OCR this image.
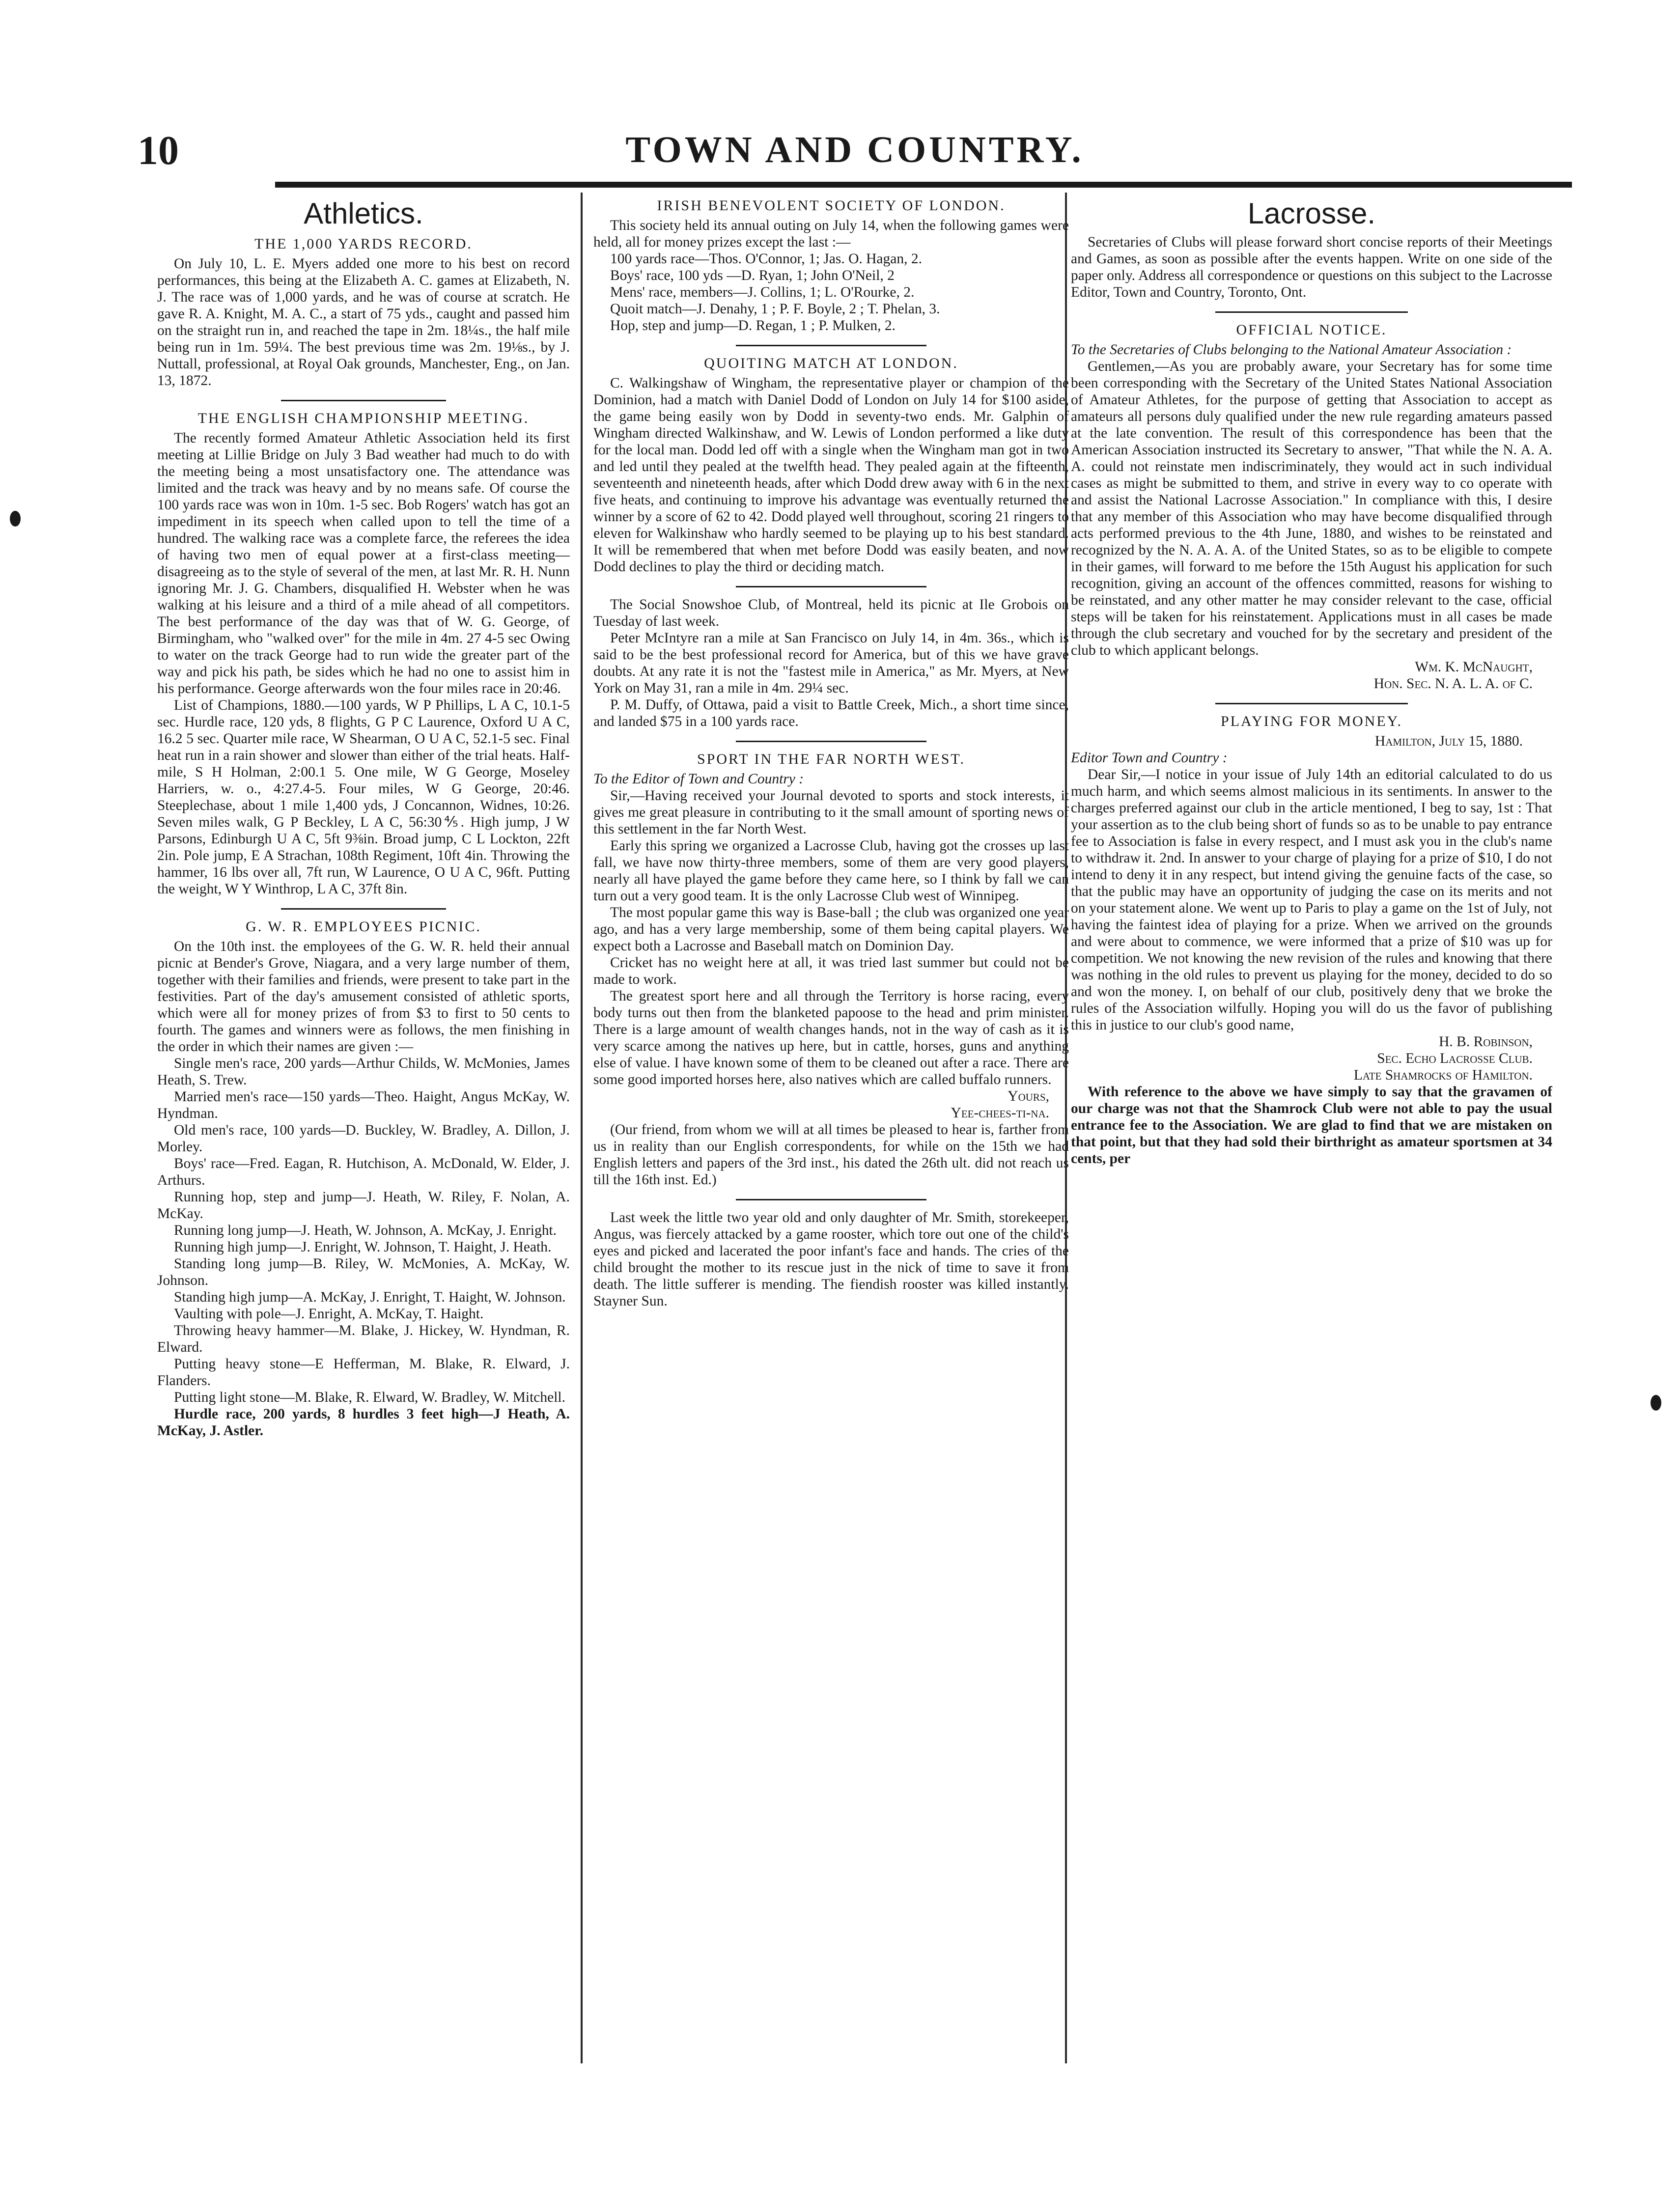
10	TOWN AND COUNTRY.
Athletics.
THE 1,000 YARDS RECORD.

On July 10, L. E. Myers added one more to his best on record performances, this being at the Elizabeth A. C. games at Elizabeth, N. J. The race was of 1,000 yards, and he was of course at scratch. He gave R. A. Knight, M. A. C., a start of 75 yds., caught and passed him on the straight run in, and reached the tape in 2m. 18¼s., the half mile being run in 1m. 59¼. The best previous time was 2m. 19⅛s., by J. Nuttall, professional, at Royal Oak grounds, Manchester, Eng., on Jan. 13, 1872.

THE ENGLISH CHAMPIONSHIP MEETING.

The recently formed Amateur Athletic Association held its first meeting at Lillie Bridge on July 3 Bad weather had much to do with the meeting being a most unsatisfactory one. The attendance was limited and the track was heavy and by no means safe. Of course the 100 yards race was won in 10m. 1-5 sec. Bob Rogers' watch has got an impediment in its speech when called upon to tell the time of a hundred. The walking race was a complete farce, the referees the idea of having two men of equal power at a first-class meeting—disagreeing as to the style of several of the men, at last Mr. R. H. Nunn ignoring Mr. J. G. Chambers, disqualified H. Webster when he was walking at his leisure and a third of a mile ahead of all competitors. The best performance of the day was that of W. G. George, of Birmingham, who "walked over" for the mile in 4m. 27 4-5 sec Owing to water on the track George had to run wide the greater part of the way and pick his path, be sides which he had no one to assist him in his performance. George afterwards won the four miles race in 20:46.

List of Champions, 1880.—100 yards, W P Phillips, L A C, 10.1-5 sec. Hurdle race, 120 yds, 8 flights, G P C Laurence, Oxford U A C, 16.2 5 sec. Quarter mile race, W Shearman, O U A C, 52.1-5 sec. Final heat run in a rain shower and slower than either of the trial heats. Half-mile, S H Holman, 2:00.1 5. One mile, W G George, Moseley Harriers, w. o., 4:27.4-5. Four miles, W G George, 20:46. Steeplechase, about 1 mile 1,400 yds, J Concannon, Widnes, 10:26. Seven miles walk, G P Beckley, L A C, 56:30⅘. High jump, J W Parsons, Edinburgh U A C, 5ft 9⅜in. Broad jump, C L Lockton, 22ft 2in. Pole jump, E A Strachan, 108th Regiment, 10ft 4in. Throwing the hammer, 16 lbs over all, 7ft run, W Laurence, O U A C, 96ft. Putting the weight, W Y Winthrop, L A C, 37ft 8in.

G. W. R. EMPLOYEES PICNIC.

On the 10th inst. the employees of the G. W. R. held their annual picnic at Bender's Grove, Niagara, and a very large number of them, together with their families and friends, were present to take part in the festivities. Part of the day's amusement consisted of athletic sports, which were all for money prizes of from $3 to first to 50 cents to fourth. The games and winners were as follows, the men finishing in the order in which their names are given :—

Single men's race, 200 yards—Arthur Childs, W. McMonies, James Heath, S. Trew.

Married men's race—150 yards—Theo. Haight, Angus McKay, W. Hyndman.

Old men's race, 100 yards—D. Buckley, W. Bradley, A. Dillon, J. Morley.

Boys' race—Fred. Eagan, R. Hutchison, A. McDonald, W. Elder, J. Arthurs.

Running hop, step and jump—J. Heath, W. Riley, F. Nolan, A. McKay.

Running long jump—J. Heath, W. Johnson, A. McKay, J. Enright.

Running high jump—J. Enright, W. Johnson, T. Haight, J. Heath.

Standing long jump—B. Riley, W. McMonies, A. McKay, W. Johnson.

Standing high jump—A. McKay, J. Enright, T. Haight, W. Johnson.

Vaulting with pole—J. Enright, A. McKay, T. Haight.

Throwing heavy hammer—M. Blake, J. Hickey, W. Hyndman, R. Elward.

Putting heavy stone—E Hefferman, M. Blake, R. Elward, J. Flanders.

Putting light stone—M. Blake, R. Elward, W. Bradley, W. Mitchell.

Hurdle race, 200 yards, 8 hurdles 3 feet high—J Heath, A. McKay, J. Astler.

IRISH BENEVOLENT SOCIETY OF LONDON.

This society held its annual outing on July 14, when the following games were held, all for money prizes except the last :—

100 yards race—Thos. O'Connor, 1; Jas. O. Hagan, 2.

Boys' race, 100 yds —D. Ryan, 1; John O'Neil, 2

Mens' race, members—J. Collins, 1; L. O'Rourke, 2.

Quoit match—J. Denahy, 1 ; P. F. Boyle, 2 ; T. Phelan, 3.

Hop, step and jump—D. Regan, 1 ; P. Mulken, 2.

QUOITING MATCH AT LONDON.

C. Walkingshaw of Wingham, the representative player or champion of the Dominion, had a match with Daniel Dodd of London on July 14 for $100 aside, the game being easily won by Dodd in seventy-two ends. Mr. Galphin of Wingham directed Walkinshaw, and W. Lewis of London performed a like duty for the local man. Dodd led off with a single when the Wingham man got in two and led until they pealed at the twelfth head. They pealed again at the fifteenth, seventeenth and nineteenth heads, after which Dodd drew away with 6 in the next five heats, and continuing to improve his advantage was eventually returned the winner by a score of 62 to 42. Dodd played well throughout, scoring 21 ringers to eleven for Walkinshaw who hardly seemed to be playing up to his best standard. It will be remembered that when met before Dodd was easily beaten, and now Dodd declines to play the third or deciding match.

The Social Snowshoe Club, of Montreal, held its picnic at Ile Grobois on Tuesday of last week.

Peter McIntyre ran a mile at San Francisco on July 14, in 4m. 36s., which is said to be the best professional record for America, but of this we have grave doubts. At any rate it is not the "fastest mile in America," as Mr. Myers, at New York on May 31, ran a mile in 4m. 29¼ sec.

P. M. Duffy, of Ottawa, paid a visit to Battle Creek, Mich., a short time since, and landed $75 in a 100 yards race.

SPORT IN THE FAR NORTH WEST.

To the Editor of Town and Country :

Sir,—Having received your Journal devoted to sports and stock interests, it gives me great pleasure in contributing to it the small amount of sporting news of this settlement in the far North West.

Early this spring we organized a Lacrosse Club, having got the crosses up last fall, we have now thirty-three members, some of them are very good players, nearly all have played the game before they came here, so I think by fall we can turn out a very good team. It is the only Lacrosse Club west of Winnipeg.

The most popular game this way is Base-ball ; the club was organized one year ago, and has a very large membership, some of them being capital players. We expect both a Lacrosse and Baseball match on Dominion Day.

Cricket has no weight here at all, it was tried last summer but could not be made to work.

The greatest sport here and all through the Territory is horse racing, every body turns out then from the blanketed papoose to the head and prim minister. There is a large amount of wealth changes hands, not in the way of cash as it is very scarce among the natives up here, but in cattle, horses, guns and anything else of value. I have known some of them to be cleaned out after a race. There are some good imported horses here, also natives which are called buffalo runners.

Yours,

Yee-chees-ti-na.

(Our friend, from whom we will at all times be pleased to hear is, farther from us in reality than our English correspondents, for while on the 15th we had English letters and papers of the 3rd inst., his dated the 26th ult. did not reach us till the 16th inst. Ed.)

Last week the little two year old and only daughter of Mr. Smith, storekeeper, Angus, was fiercely attacked by a game rooster, which tore out one of the child's eyes and picked and lacerated the poor infant's face and hands. The cries of the child brought the mother to its rescue just in the nick of time to save it from death. The little sufferer is mending. The fiendish rooster was killed instantly. Stayner Sun.

Lacrosse.

Secretaries of Clubs will please forward short concise reports of their Meetings and Games, as soon as possible after the events happen. Write on one side of the paper only. Address all correspondence or questions on this subject to the Lacrosse Editor, Town and Country, Toronto, Ont.

OFFICIAL NOTICE.

To the Secretaries of Clubs belonging to the National Amateur Association :

Gentlemen,—As you are probably aware, your Secretary has for some time been corresponding with the Secretary of the United States National Association of Amateur Athletes, for the purpose of getting that Association to accept as amateurs all persons duly qualified under the new rule regarding amateurs passed at the late convention. The result of this correspondence has been that the American Association instructed its Secretary to answer, "That while the N. A. A. A. could not reinstate men indiscriminately, they would act in such individual cases as might be submitted to them, and strive in every way to co operate with and assist the National Lacrosse Association." In compliance with this, I desire that any member of this Association who may have become disqualified through acts performed previous to the 4th June, 1880, and wishes to be reinstated and recognized by the N. A. A. A. of the United States, so as to be eligible to compete in their games, will forward to me before the 15th August his application for such recognition, giving an account of the offences committed, reasons for wishing to be reinstated, and any other matter he may consider relevant to the case, official steps will be taken for his reinstatement. Applications must in all cases be made through the club secretary and vouched for by the secretary and president of the club to which applicant belongs.

Wm. K. McNaught,

Hon. Sec. N. A. L. A. of C.

PLAYING FOR MONEY.

Hamilton, July 15, 1880.

Editor Town and Country :

Dear Sir,—I notice in your issue of July 14th an editorial calculated to do us much harm, and which seems almost malicious in its sentiments. In answer to the charges preferred against our club in the article mentioned, I beg to say, 1st : That your assertion as to the club being short of funds so as to be unable to pay entrance fee to Association is false in every respect, and I must ask you in the club's name to withdraw it. 2nd. In answer to your charge of playing for a prize of $10, I do not intend to deny it in any respect, but intend giving the genuine facts of the case, so that the public may have an opportunity of judging the case on its merits and not on your statement alone. We went up to Paris to play a game on the 1st of July, not having the faintest idea of playing for a prize. When we arrived on the grounds and were about to commence, we were informed that a prize of $10 was up for competition. We not knowing the new revision of the rules and knowing that there was nothing in the old rules to prevent us playing for the money, decided to do so and won the money. I, on behalf of our club, positively deny that we broke the rules of the Association wilfully. Hoping you will do us the favor of publishing this in justice to our club's good name,

H. B. Robinson,

Sec. Echo Lacrosse Club.

Late Shamrocks of Hamilton.

With reference to the above we have simply to say that the gravamen of our charge was not that the Shamrock Club were not able to pay the usual entrance fee to the Association. We are glad to find that we are mistaken on that point, but that they had sold their birthright as amateur sportsmen at 34 cents, per
